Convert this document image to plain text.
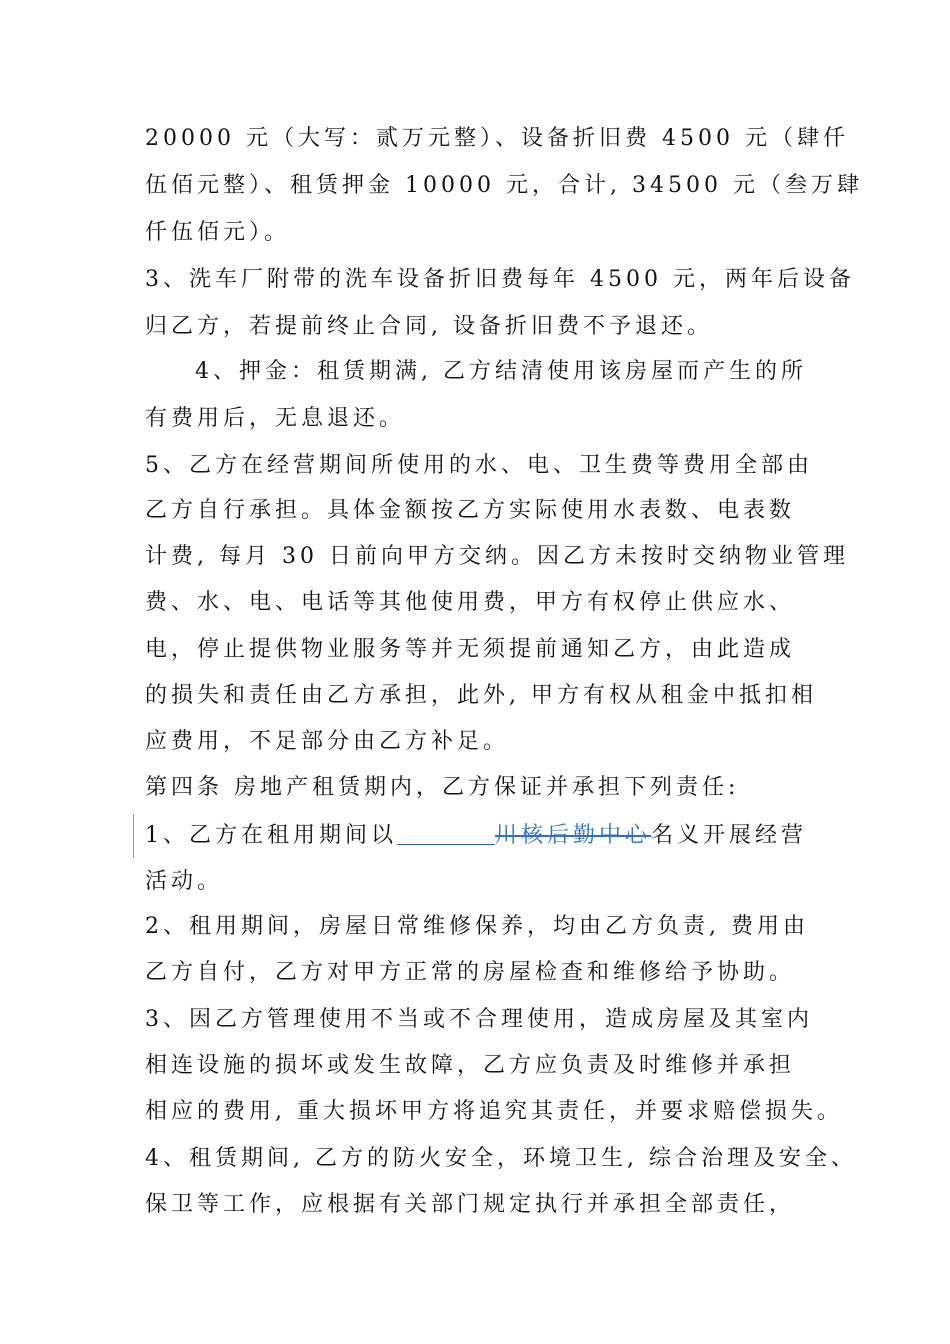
20000 元（大写：贰万元整）、设备折旧费 4500 元（肆仟
伍佰元整）、租赁押金 10000 元，合计, 34500 元（叁万肆
仟伍佰元）。
3、洗车厂附带的洗车设备折旧费每年 4500 元，两年后设备
归乙方，若提前终止合同, 设备折旧费不予退还。
4、押金：租赁期满, 乙方结清使用该房屋而产生的所
有费用后，无息退还。
5、乙方在经营期间所使用的水、电、卫生费等费用全部由
乙方自行承担。具体金额按乙方实际使用水表数、电表数
计费, 每月 30 日前向甲方交纳。因乙方未按时交纳物业管理
费、水、电、电话等其他使用费，甲方有权停止供应水、
电，停止提供物业服务等并无须提前通知乙方，由此造成
的损失和责任由乙方承担，此外, 甲方有权从租金中抵扣相
应费用，不足部分由乙方补足。
第四条 房地产租赁期内，乙方保证并承担下列责任:
1、乙方在租用期间以	川核后勤中心名义开展经营
活动。
2、租用期间，房屋日常维修保养，均由乙方负责, 费用由
乙方自付，乙方对甲方正常的房屋检查和维修给予协助。
3、因乙方管理使用不当或不合理使用，造成房屋及其室内
相连设施的损坏或发生故障，乙方应负责及时维修并承担
相应的费用, 重大损坏甲方将追究其责任，并要求赔偿损失。
4、租赁期间, 乙方的防火安全，环境卫生, 综合治理及安全、
保卫等工作，应根据有关部门规定执行并承担全部责任，
